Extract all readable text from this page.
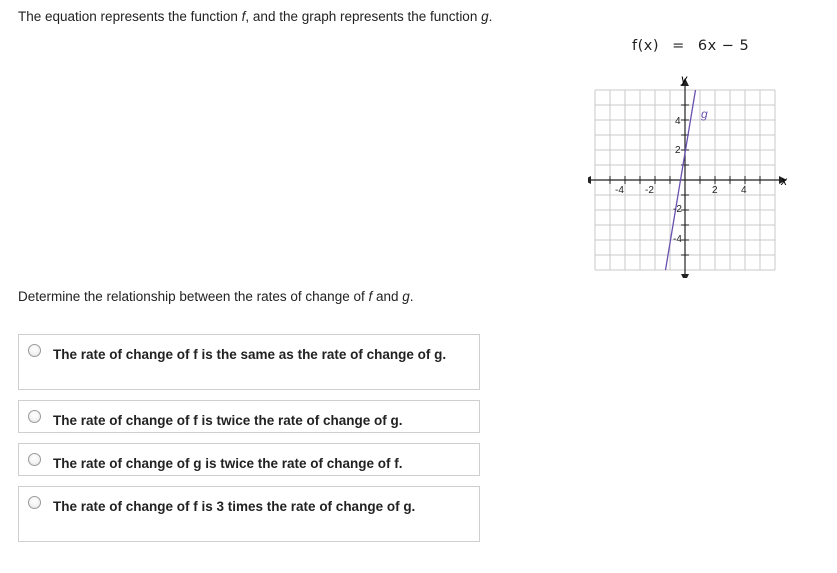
The equation represents the function f, and the graph represents the function g.
f(x) = 6x − 5
g
x
y
-4 -2	2 4
4
2
-2
-4
Determine the relationship between the rates of change of f and g.
The rate of change of f is the same as the rate of change of g.
The rate of change of f is twice the rate of change of g.
The rate of change of g is twice the rate of change of f.
The rate of change of f is 3 times the rate of change of g.
